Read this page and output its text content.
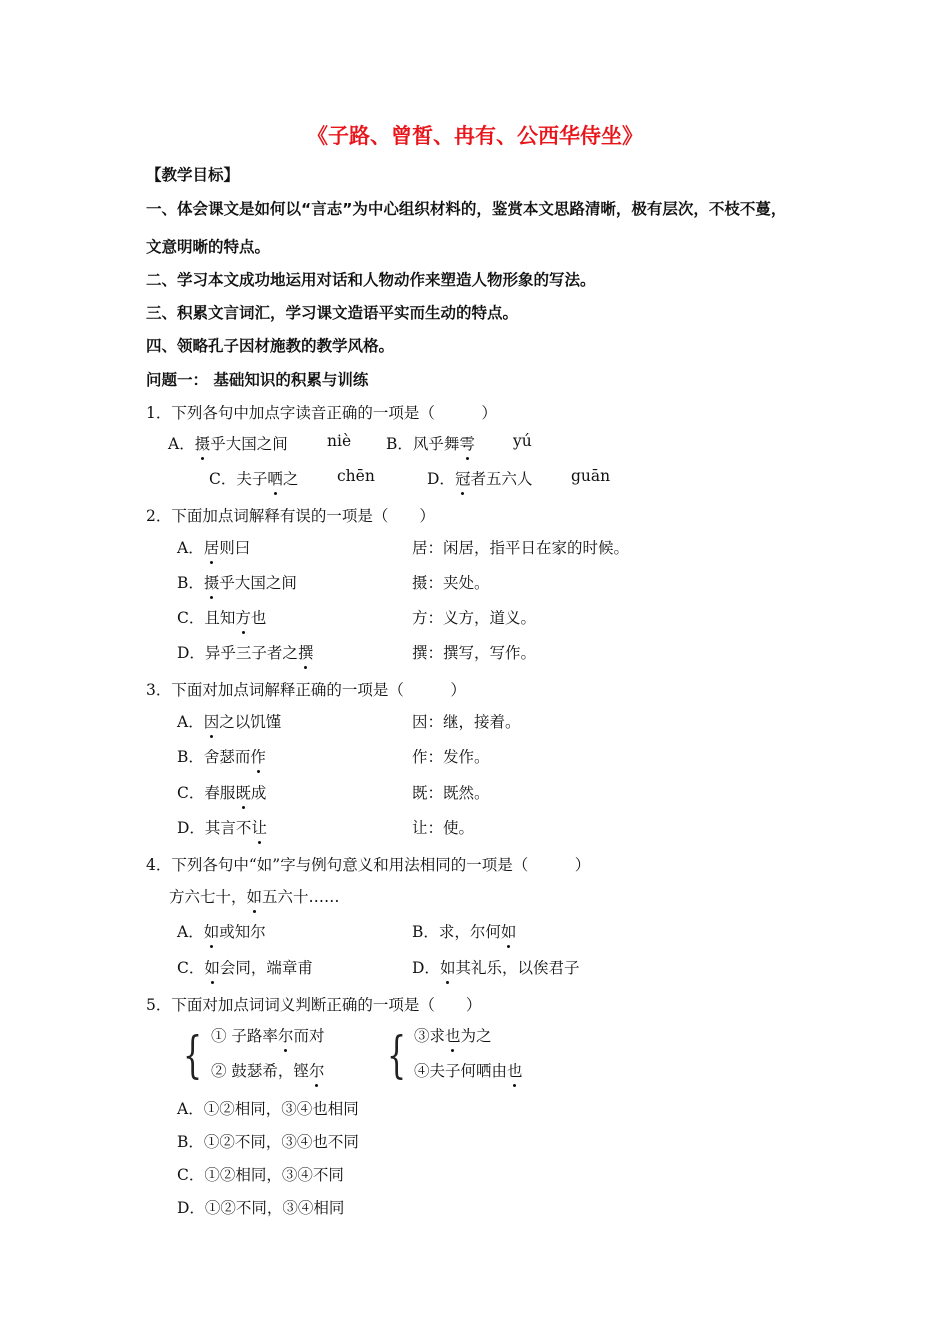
《子路、曾皙、冉有、公西华侍坐》
【教学目标】
一、体会课文是如何以“言志”为中心组织材料的，鉴赏本文思路清晰，极有层次，不枝不蔓，
文意明晰的特点。
二、学习本文成功地运用对话和人物动作来塑造人物形象的写法。
三、积累文言词汇，学习课文造语平实而生动的特点。
四、领略孔子因材施教的教学风格。
问题一： 基础知识的积累与训练
1．下列各句中加点字读音正确的一项是（　　　）
A．摄乎大国之间	niè B．风乎舞雩 yú
C．夫子哂之 chēn	D．冠者五六人 guān
2．下面加点词解释有误的一项是（　　）
A．居则曰	居：闲居，指平日在家的时候。
B．摄乎大国之间	摄：夹处。
C．且知方也	方：义方，道义。
D．异乎三子者之撰	撰：撰写，写作。
3．下面对加点词解释正确的一项是（　　　）
A．因之以饥馑	因：继，接着。
B．舍瑟而作	作：发作。
C．春服既成	既：既然。
D．其言不让	让：使。
4．下列各句中“如”字与例句意义和用法相同的一项是（　　　）
方六七十，如五六十……
A．如或知尔	B．求，尔何如
C．如会同，端章甫	D．如其礼乐，以俟君子
5．下面对加点词词义判断正确的一项是（　　）
{ ① 子路率尔而对
② 鼓瑟希，铿尔 { ③求也为之
④夫子何哂由也
A．①②相同，③④也相同
B．①②不同，③④也不同
C．①②相同，③④不同
D．①②不同，③④相同
